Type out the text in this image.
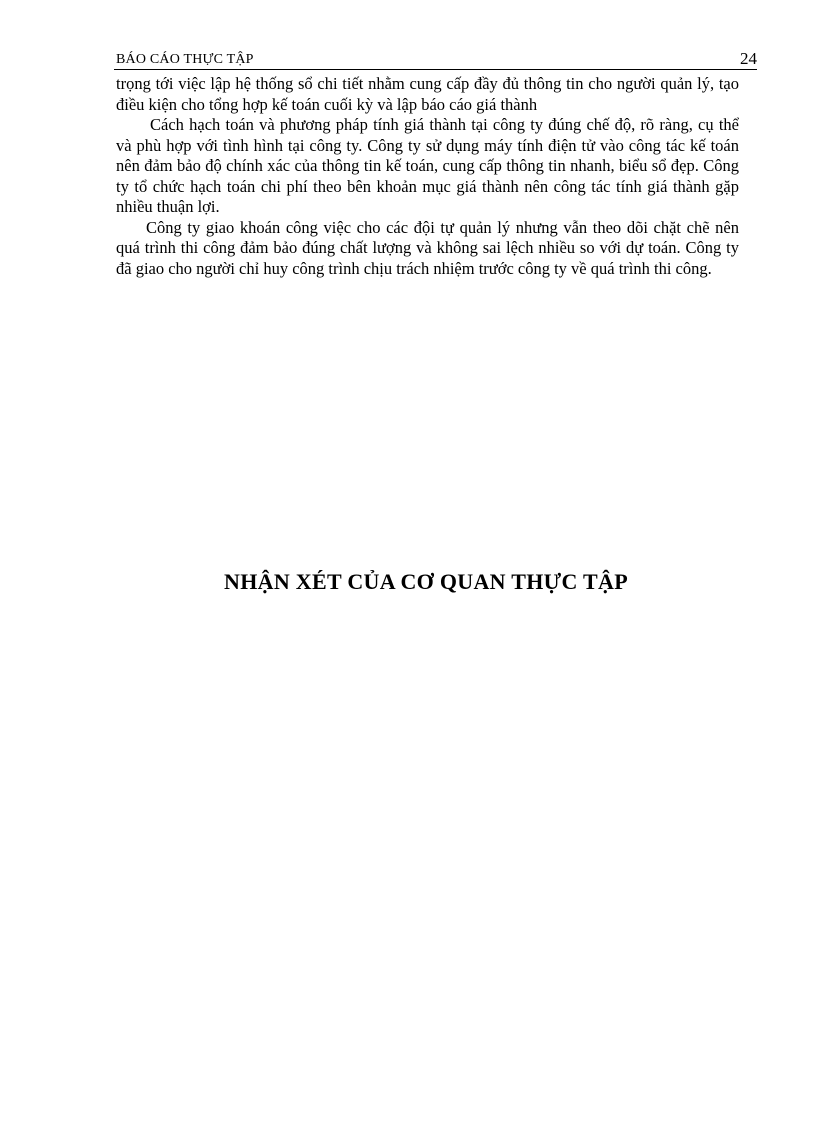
BÁO CÁO THỰC TẬP	24

trọng tới việc lập hệ thống sổ chi tiết nhằm cung cấp đầy đủ thông tin cho người quản lý, tạo điều kiện cho tổng hợp kế toán cuối kỳ và lập báo cáo giá thành

Cách hạch toán và phương pháp tính giá thành tại công ty đúng chế độ, rõ ràng, cụ thể và phù hợp với tình hình tại công ty. Công ty sử dụng máy tính điện tử vào công tác kế toán nên đảm bảo độ chính xác của thông tin kế toán, cung cấp thông tin nhanh, biểu sổ đẹp. Công ty tổ chức hạch toán chi phí theo bên khoản mục giá thành nên công tác tính giá thành gặp nhiều thuận lợi.

Công ty giao khoán công việc cho các đội tự quản lý nhưng vẫn theo dõi chặt chẽ nên quá trình thi công đảm bảo đúng chất lượng và không sai lệch nhiều so với dự toán. Công ty đã giao cho người chỉ huy công trình chịu trách nhiệm trước công ty về quá trình thi công.

NHẬN XÉT CỦA CƠ QUAN THỰC TẬP
